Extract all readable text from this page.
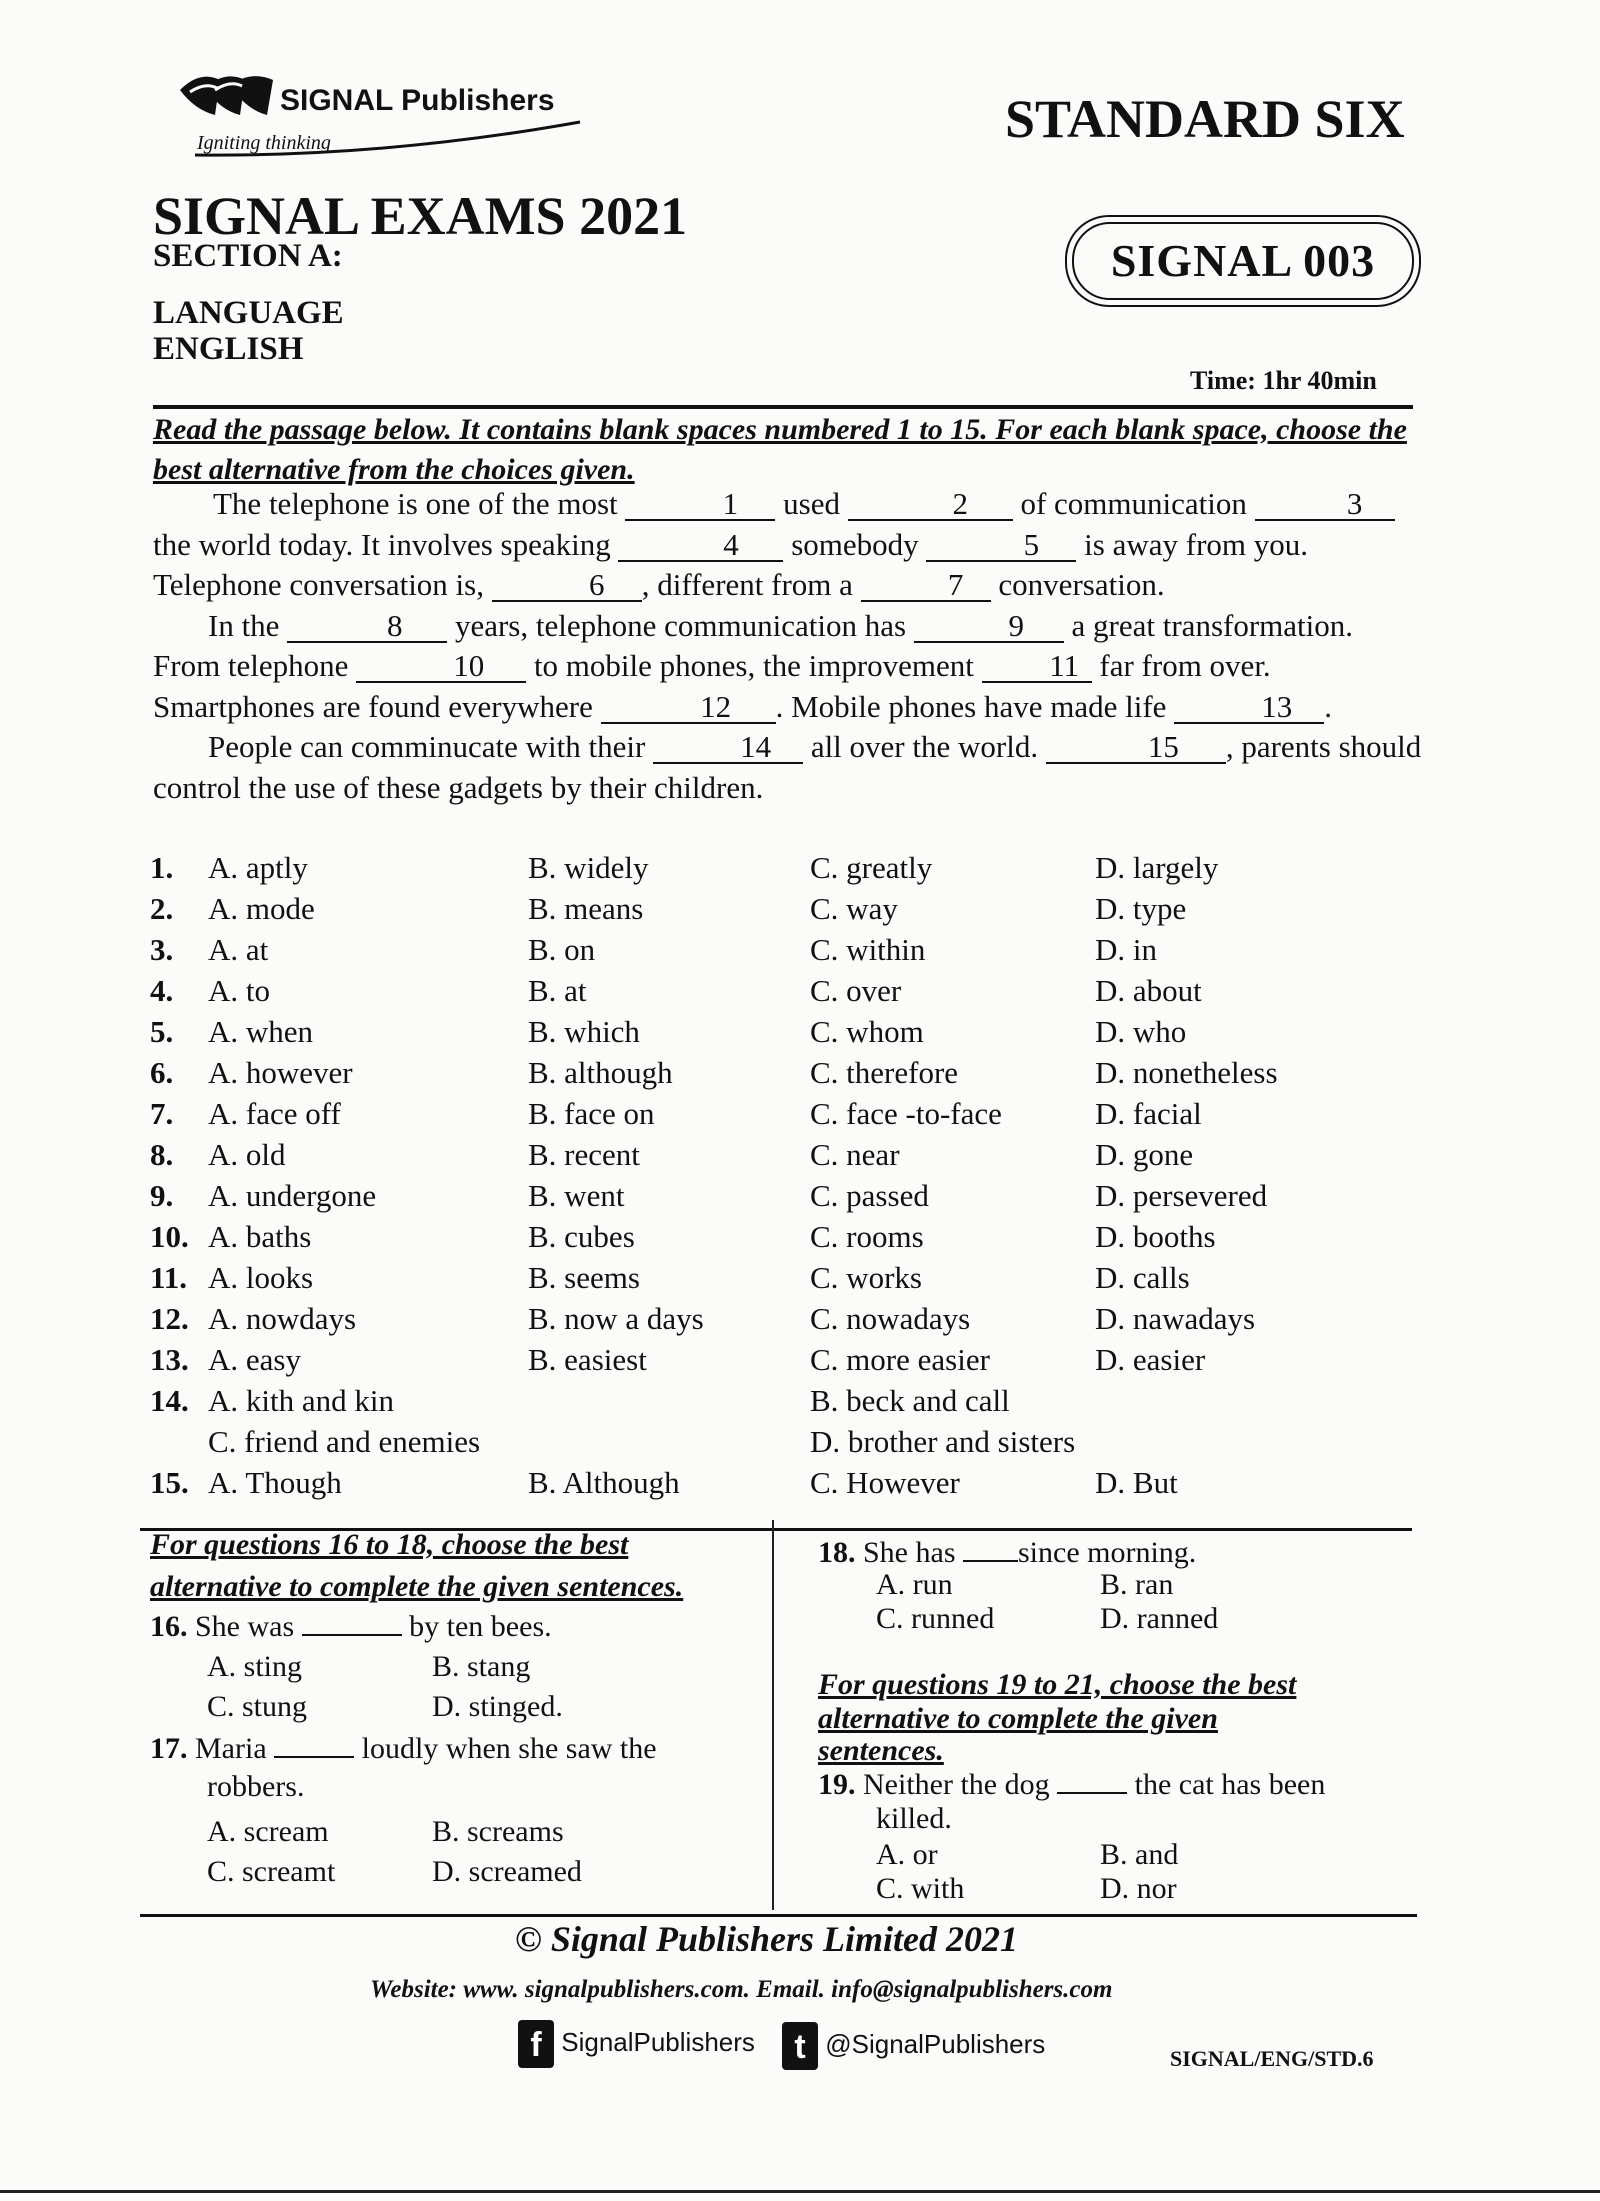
SIGNAL Publishers
Igniting thinking	STANDARD SIX
SIGNAL EXAMS 2021
SECTION A:
LANGUAGE
ENGLISH
SIGNAL 003
Time: 1hr 40min
Read the passage below. It contains blank spaces numbered 1 to 15. For each blank space, choose the best alternative from the choices given.

The telephone is one of the most	1 used	2 of communication	3 the world today. It involves speaking	4 somebody	5 is away from you. Telephone conversation is,	6 , different from a	7 conversation.

In the	8 years, telephone communication has	9 a great transformation. From telephone	10 to mobile phones, the improvement 11 far from over. Smartphones are found everywhere	12 . Mobile phones have made life	13 .

People can comminucate with their	14 all over the world.	15 , parents should control the use of these gadgets by their children.

1. A. aptly	B. widely	C. greatly	D. largely
2. A. mode	B. means	C. way	D. type
3. A. at	B. on	C. within	D. in
4. A. to	B. at	C. over	D. about
5. A. when	B. which	C. whom	D. who
6. A. however	B. although	C. therefore	D. nonetheless
7. A. face off	B. face on	C. face -to-face	D. facial
8. A. old	B. recent	C. near	D. gone
9. A. undergone	B. went	C. passed	D. persevered
10. A. baths	B. cubes	C. rooms	D. booths
11. A. looks	B. seems	C. works	D. calls
12. A. nowdays	B. now a days	C. nowadays	D. nawadays
13. A. easy	B. easiest	C. more easier	D. easier
14. A. kith and kin	B. beck and call
C. friend and enemies	D. brother and sisters
15. A. Though	B. Although	C. However	D. But
For questions 16 to 18, choose the best
alternative to complete the given sentences.
16. She was	by ten bees.
A. sting	B. stang
C. stung	D. stinged.
17. Maria	loudly when she saw the
robbers.
A. scream	B. screams
C. screamt	D. screamed
18. She has since morning.
A. run	B. ran
C. runned	D. ranned
For questions 19 to 21, choose the best
alternative to complete the given
sentences.
19. Neither the dog  the cat has been
killed.
A. or	B. and
C. with	D. nor
© Signal Publishers Limited 2021
Website: www. signalpublishers.com. Email. info@signalpublishers.com
f SignalPublishers	t @SignalPublishers	SIGNAL/ENG/STD.6
